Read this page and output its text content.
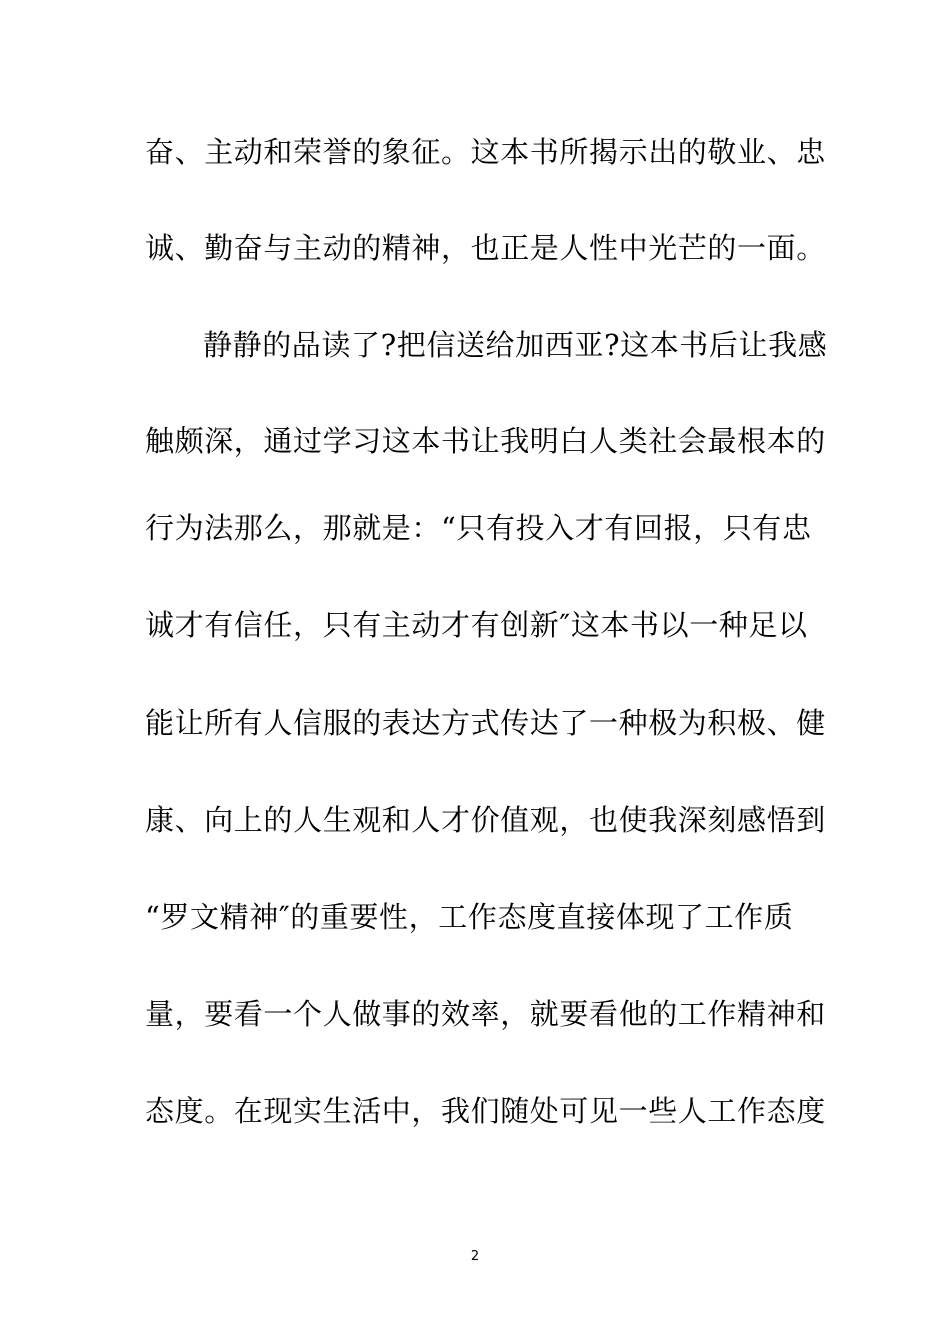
奋、主动和荣誉的象征。这本书所揭示出的敬业、忠
诚、勤奋与主动的精神，也正是人性中光芒的一面。
静静的品读了?把信送给加西亚?这本书后让我感
触颇深，通过学习这本书让我明白人类社会最根本的
行为法那么，那就是：“只有投入才有回报，只有忠
诚才有信任，只有主动才有创新″这本书以一种足以
能让所有人信服的表达方式传达了一种极为积极、健
康、向上的人生观和人才价值观，也使我深刻感悟到
“罗文精神″的重要性，工作态度直接体现了工作质
量，要看一个人做事的效率，就要看他的工作精神和
态度。在现实生活中，我们随处可见一些人工作态度
2
